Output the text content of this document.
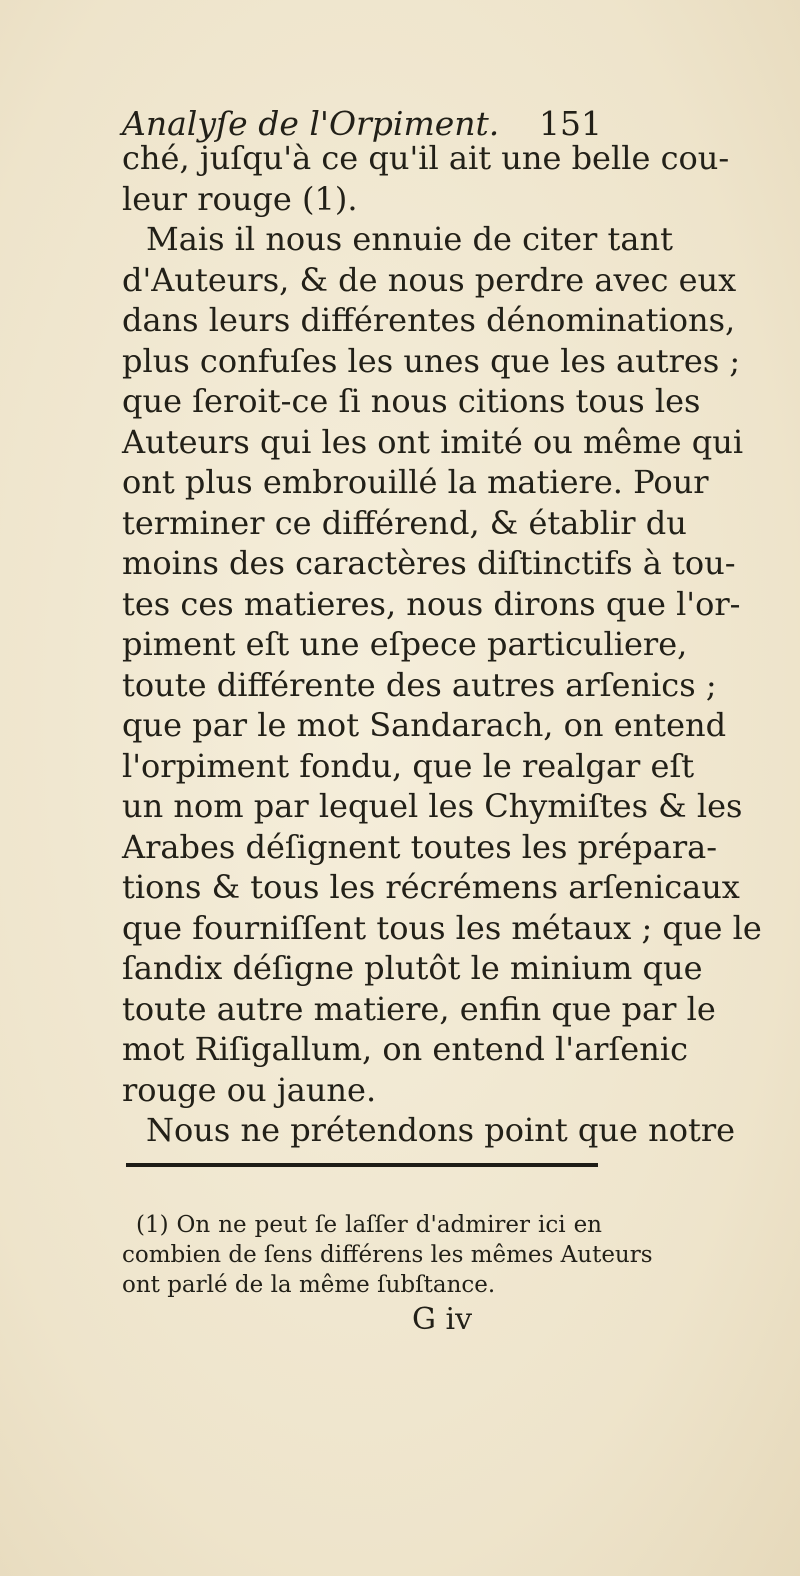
Analyſe de l'Orpiment. 151
ché, juſqu'à ce qu'il ait une belle cou-
leur rouge (1).
Mais il nous ennuie de citer tant
d'Auteurs, & de nous perdre avec eux
dans leurs différentes dénominations,
plus confuſes les unes que les autres ;
que ſeroit-ce ſi nous citions tous les
Auteurs qui les ont imité ou même qui
ont plus embrouillé la matiere. Pour
terminer ce différend, & établir du
moins des caractères diſtinctifs à tou-
tes ces matieres, nous dirons que l'or-
piment eſt une eſpece particuliere,
toute différente des autres arſenics ;
que par le mot Sandarach, on entend
l'orpiment fondu, que le realgar eſt
un nom par lequel les Chymiſtes & les
Arabes déſignent toutes les prépara-
tions & tous les récrémens arſenicaux
que fourniſſent tous les métaux ; que le
ſandix déſigne plutôt le minium que
toute autre matiere, enfin que par le
mot Riſigallum, on entend l'arſenic
rouge ou jaune.
Nous ne prétendons point que notre
(1) On ne peut ſe laſſer d'admirer ici en
combien de ſens différens les mêmes Auteurs
ont parlé de la même ſubſtance.
G iv
